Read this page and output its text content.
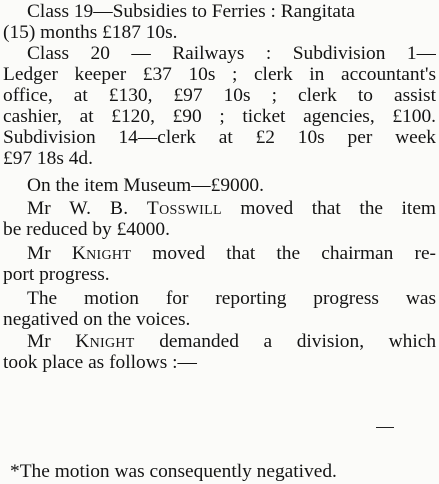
Class 19—Subsidies to Ferries : Rangitata
(15) months £187 10s.
Class 20 — Railways : Subdivision 1—
Ledger keeper £37 10s ; clerk in accountant's
office, at £130, £97 10s ; clerk to assist
cashier, at £120, £90 ; ticket agencies, £100.
Subdivision 14—clerk at £2 10s per week
£97 18s 4d.
On the item Museum—£9000.
Mr W. B. Tosswill moved that the item
be reduced by £4000.
Mr Knight moved that the chairman re-
port progress.
The motion for reporting progress was
negatived on the voices.
Mr Knight demanded a division, which
took place as follows :—
*The motion was consequently negatived.
